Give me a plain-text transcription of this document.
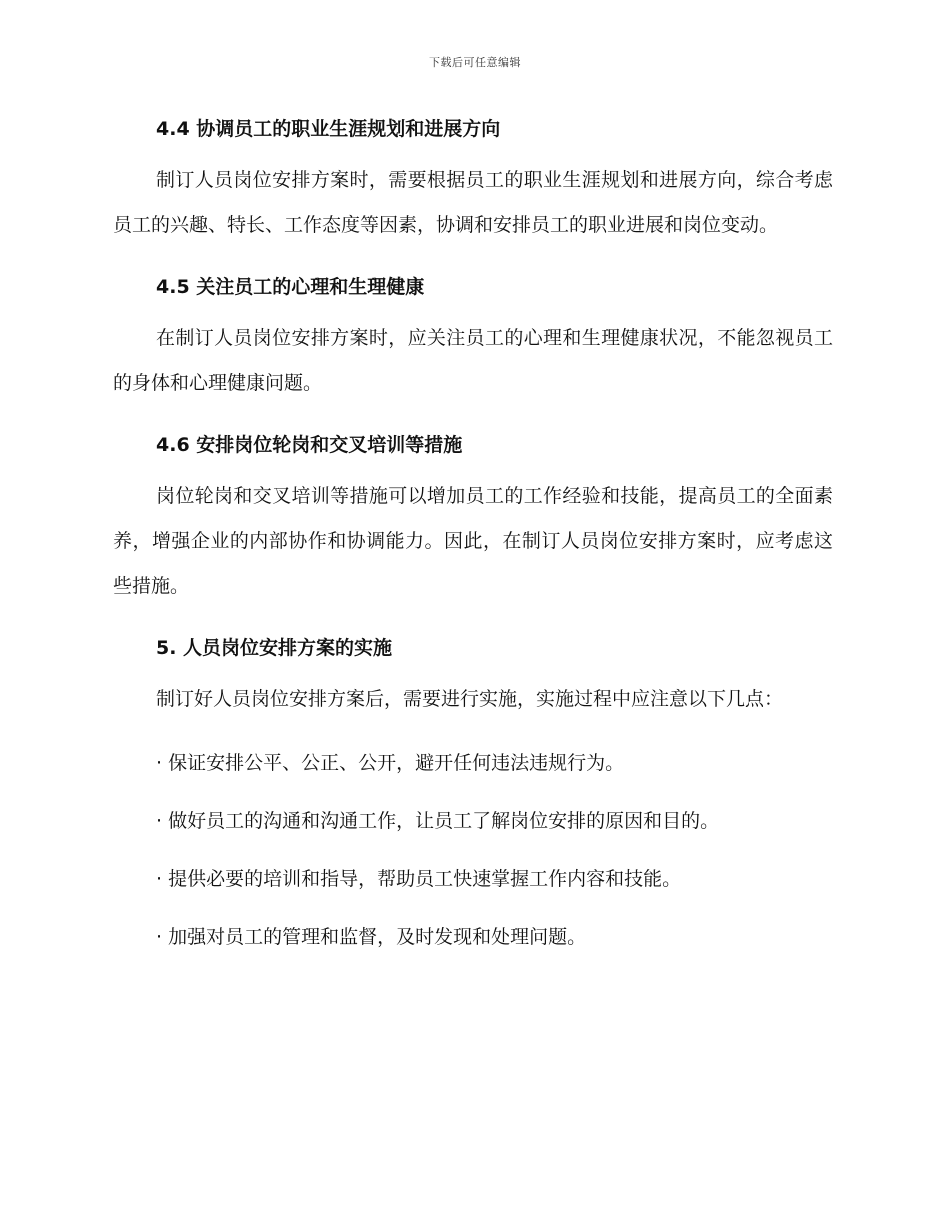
下载后可任意编辑
4.4 协调员工的职业生涯规划和进展方向

制订人员岗位安排方案时，需要根据员工的职业生涯规划和进展方向，综合考虑员工的兴趣、特长、工作态度等因素，协调和安排员工的职业进展和岗位变动。

4.5 关注员工的心理和生理健康

在制订人员岗位安排方案时，应关注员工的心理和生理健康状况，不能忽视员工的身体和心理健康问题。

4.6 安排岗位轮岗和交叉培训等措施

岗位轮岗和交叉培训等措施可以增加员工的工作经验和技能，提高员工的全面素养，增强企业的内部协作和协调能力。因此，在制订人员岗位安排方案时，应考虑这些措施。

5. 人员岗位安排方案的实施

制订好人员岗位安排方案后，需要进行实施，实施过程中应注意以下几点：

· 保证安排公平、公正、公开，避开任何违法违规行为。

· 做好员工的沟通和沟通工作，让员工了解岗位安排的原因和目的。

· 提供必要的培训和指导，帮助员工快速掌握工作内容和技能。

· 加强对员工的管理和监督，及时发现和处理问题。
